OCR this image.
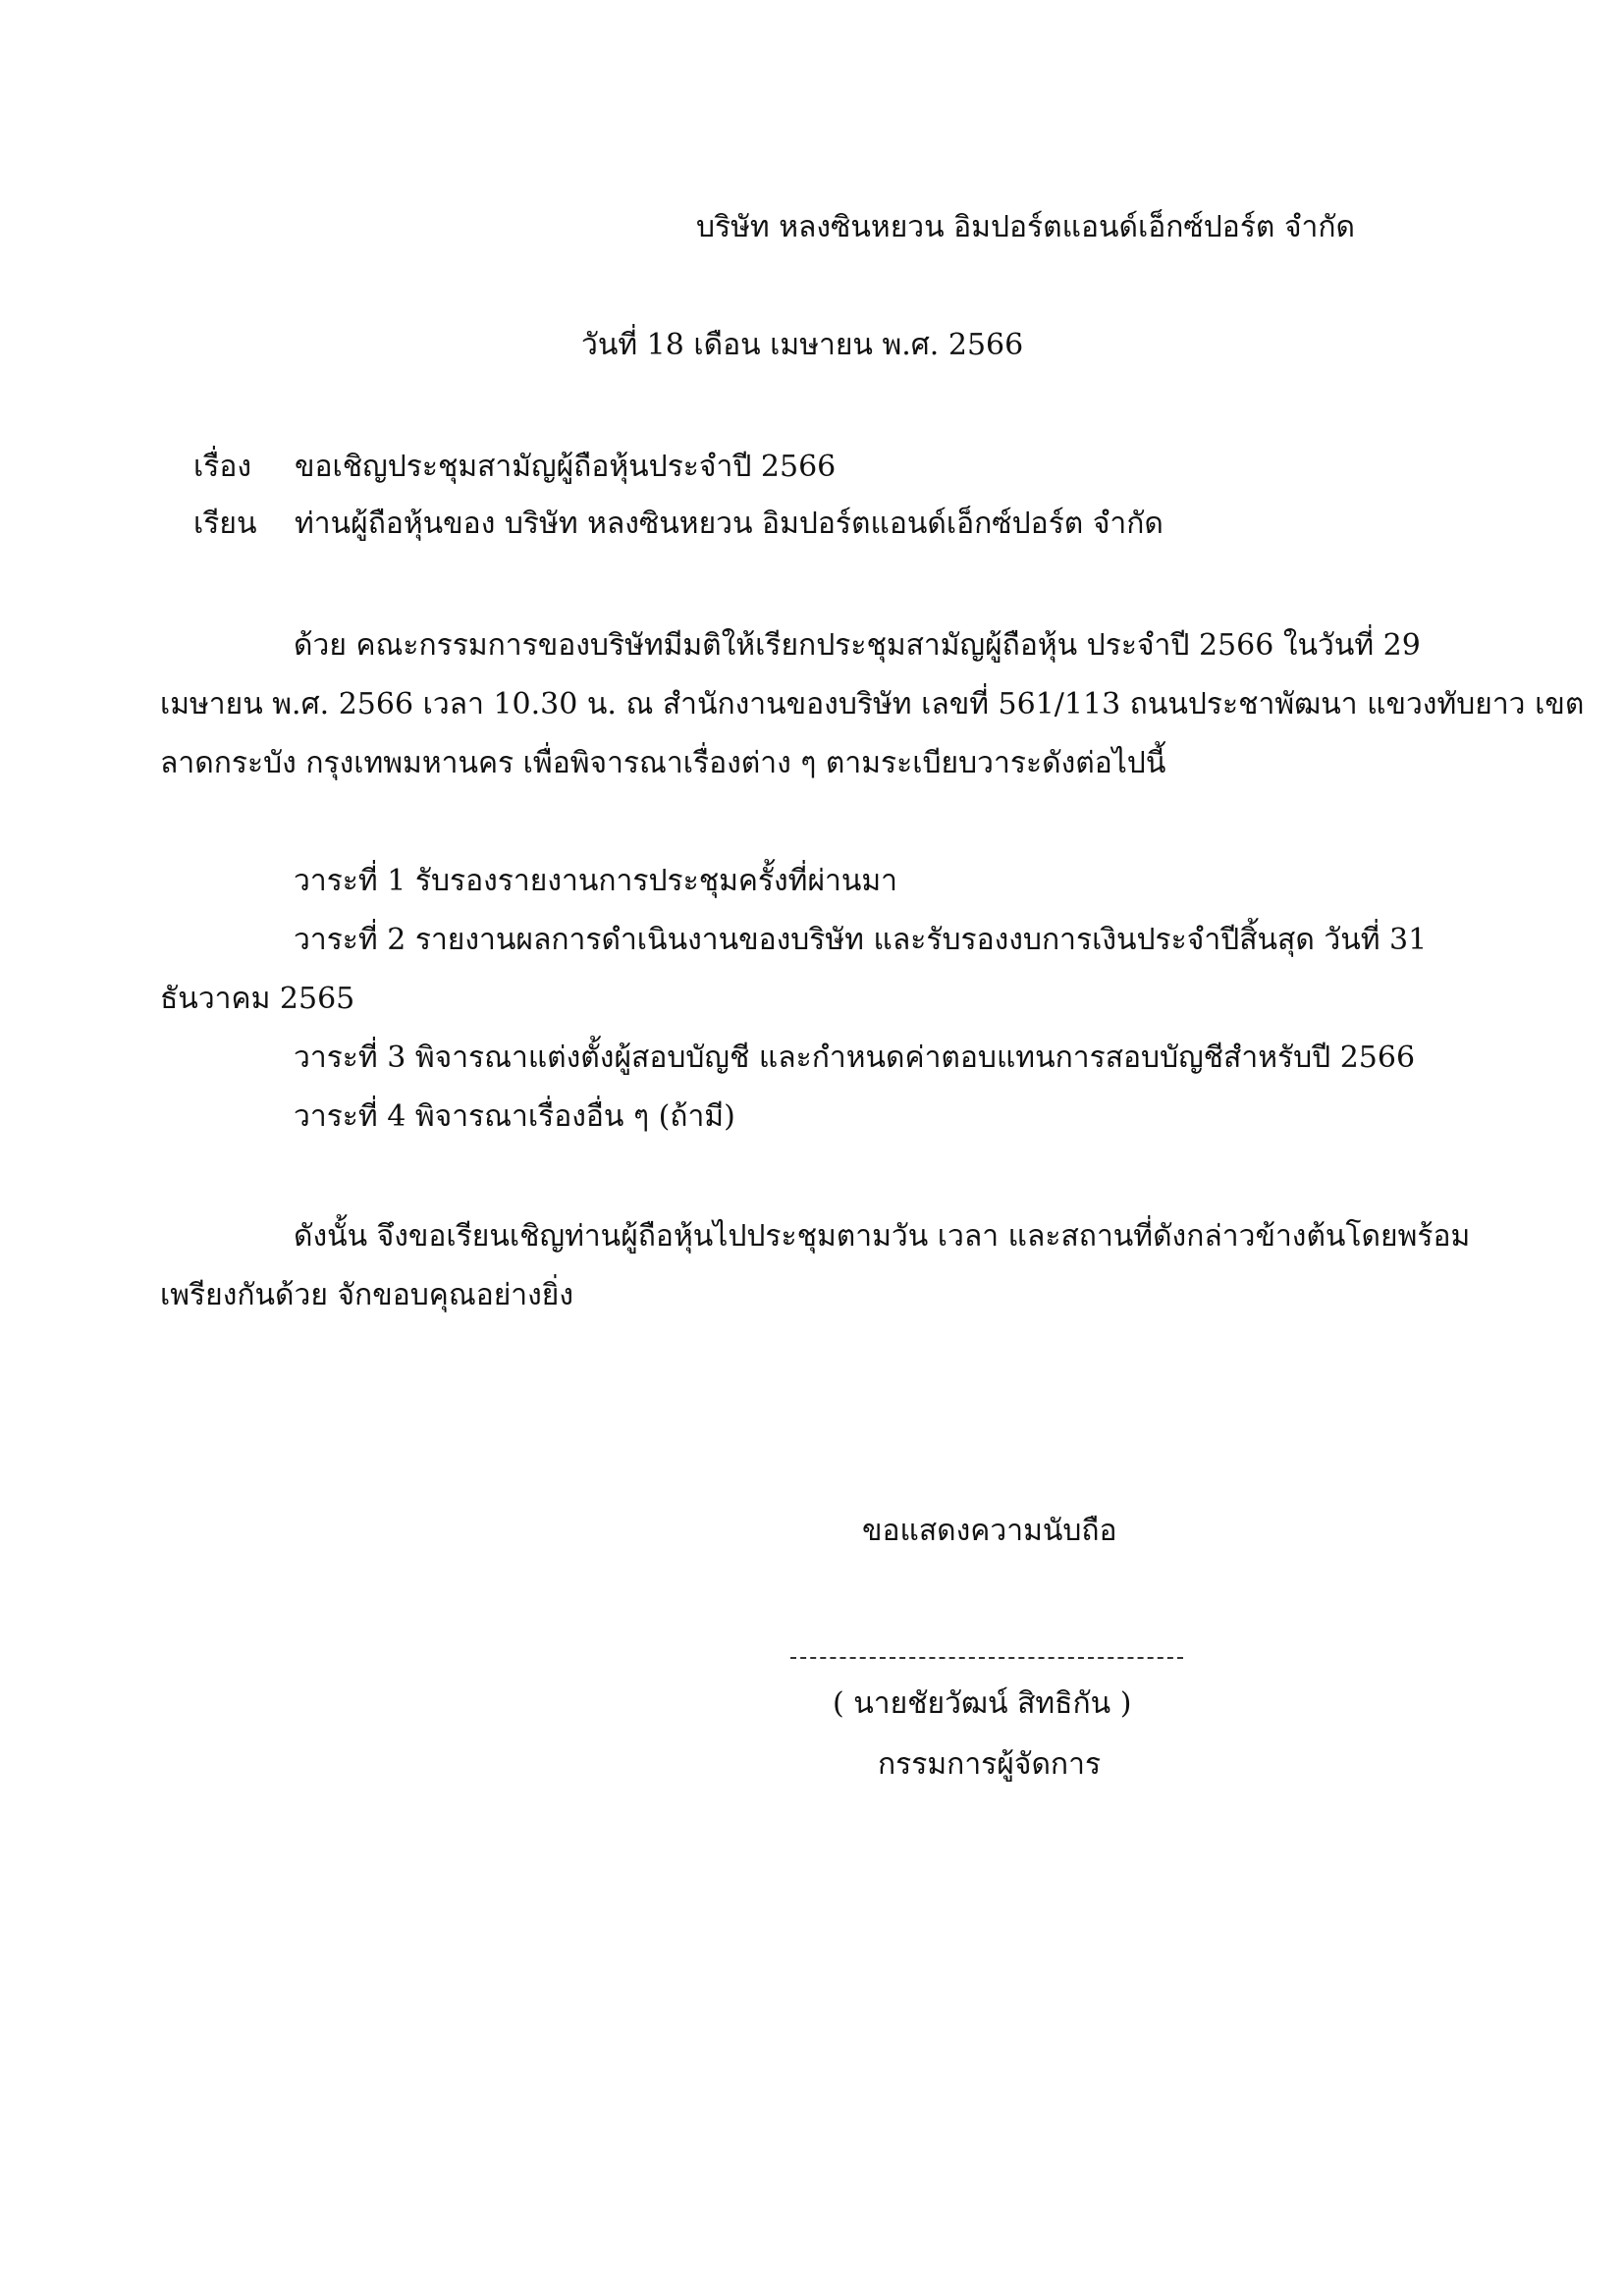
บริษัท หลงซินหยวน อิมปอร์ตแอนด์เอ็กซ์ปอร์ต จำกัด
วันที่ 18 เดือน เมษายน พ.ศ. 2566
เรื่อง ขอเชิญประชุมสามัญผู้ถือหุ้นประจำปี 2566
เรียน ท่านผู้ถือหุ้นของ บริษัท หลงซินหยวน อิมปอร์ตแอนด์เอ็กซ์ปอร์ต จำกัด
ด้วย คณะกรรมการของบริษัทมีมติให้เรียกประชุมสามัญผู้ถือหุ้น ประจำปี 2566 ในวันที่ 29
เมษายน พ.ศ. 2566 เวลา 10.30 น. ณ สำนักงานของบริษัท เลขที่ 561/113 ถนนประชาพัฒนา แขวงทับยาว เขต
ลาดกระบัง กรุงเทพมหานคร เพื่อพิจารณาเรื่องต่าง ๆ ตามระเบียบวาระดังต่อไปนี้
วาระที่ 1 รับรองรายงานการประชุมครั้งที่ผ่านมา
วาระที่ 2 รายงานผลการดำเนินงานของบริษัท และรับรองงบการเงินประจำปีสิ้นสุด วันที่ 31
ธันวาคม 2565
วาระที่ 3 พิจารณาแต่งตั้งผู้สอบบัญชี และกำหนดค่าตอบแทนการสอบบัญชีสำหรับปี 2566
วาระที่ 4 พิจารณาเรื่องอื่น ๆ (ถ้ามี)
ดังนั้น จึงขอเรียนเชิญท่านผู้ถือหุ้นไปประชุมตามวัน เวลา และสถานที่ดังกล่าวข้างต้นโดยพร้อม
เพรียงกันด้วย จักขอบคุณอย่างยิ่ง
ขอแสดงความนับถือ
( นายชัยวัฒน์ สิทธิกัน )
กรรมการผู้จัดการ
